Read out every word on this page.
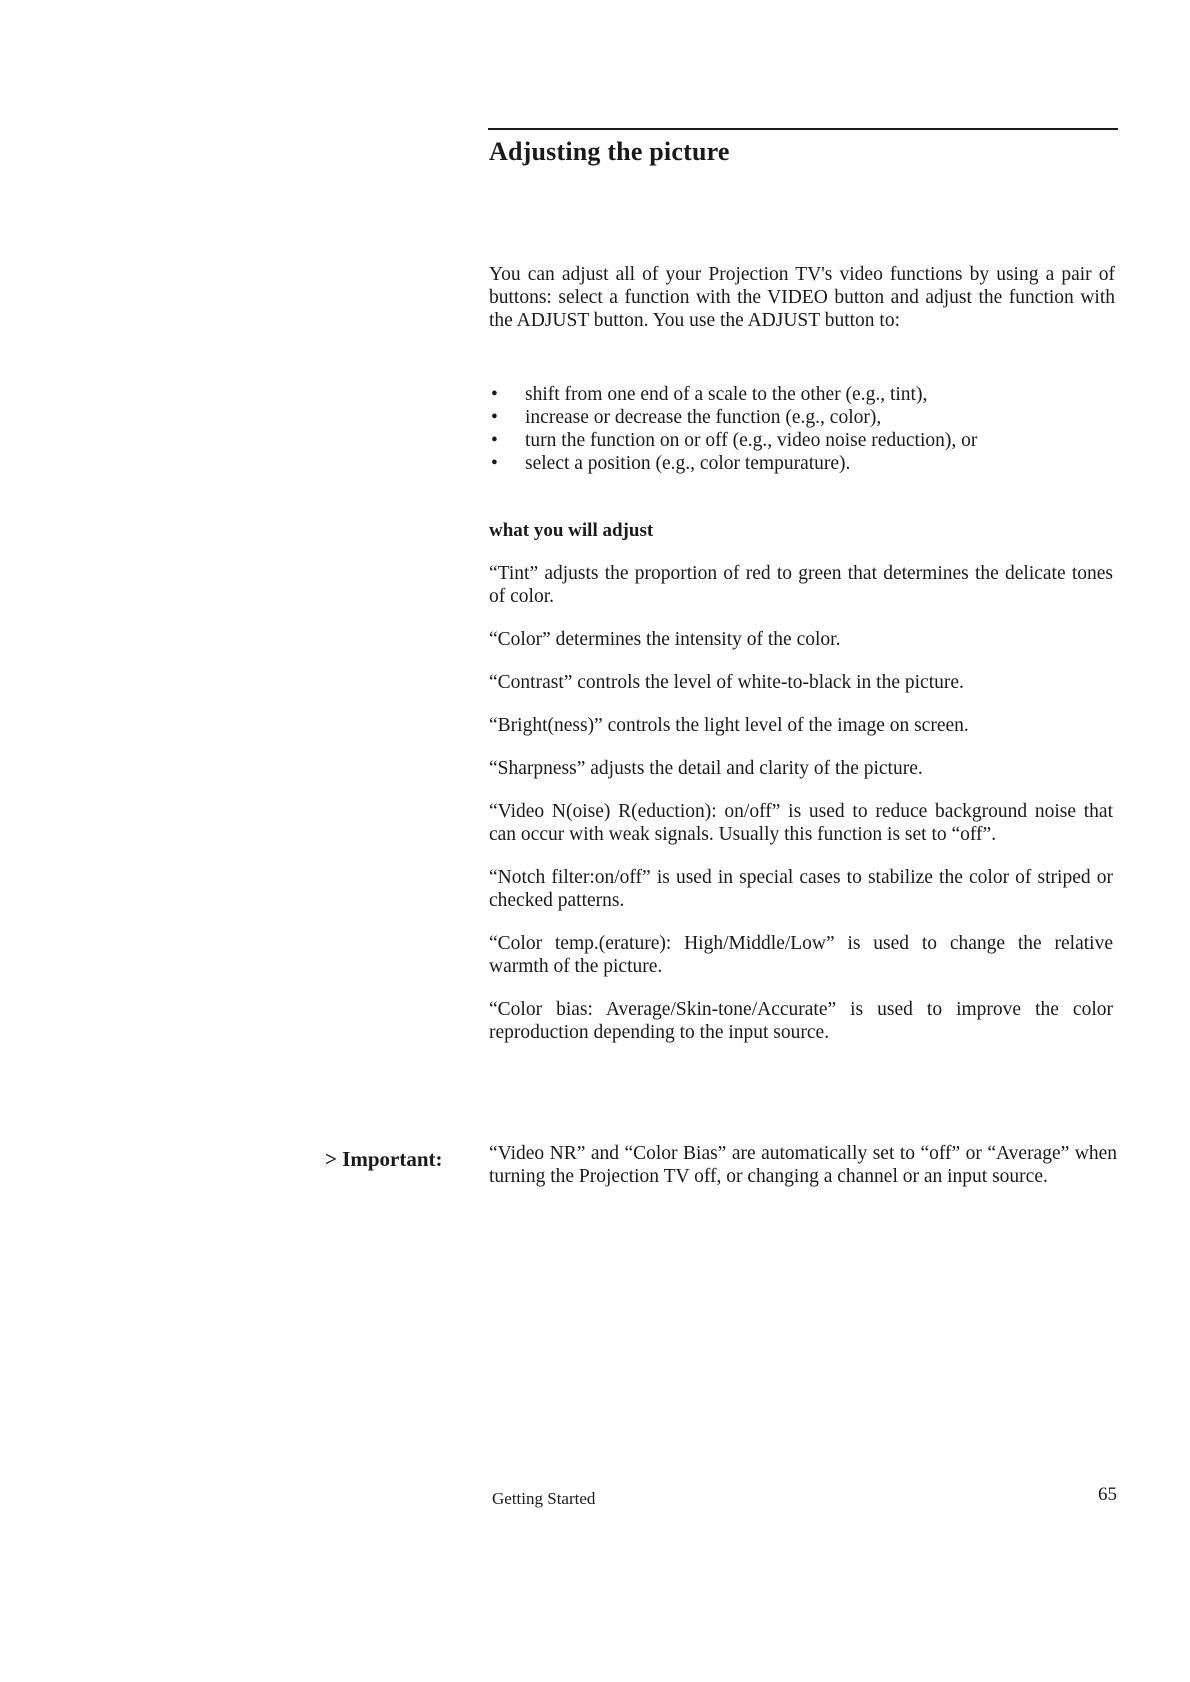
Adjusting the picture

You can adjust all of your Projection TV's video functions by using a pair of buttons: select a function with the VIDEO button and adjust the function with the ADJUST button. You use the ADJUST button to:

• shift from one end of a scale to the other (e.g., tint),
• increase or decrease the function (e.g., color),
• turn the function on or off (e.g., video noise reduction), or
• select a position (e.g., color tempurature).
what you will adjust

“Tint” adjusts the proportion of red to green that determines the delicate tones of color.

“Color” determines the intensity of the color.

“Contrast” controls the level of white-to-black in the picture.

“Bright(ness)” controls the light level of the image on screen.

“Sharpness” adjusts the detail and clarity of the picture.

“Video N(oise) R(eduction): on/off” is used to reduce background noise that can occur with weak signals. Usually this function is set to “off”.

“Notch filter:on/off” is used in special cases to stabilize the color of striped or checked patterns.

“Color temp.(erature): High/Middle/Low” is used to change the relative warmth of the picture.

“Color bias: Average/Skin-tone/Accurate” is used to improve the color reproduction depending to the input source.

> Important: “Video NR” and “Color Bias” are automatically set to “off” or “Average” when turning the Projection TV off, or changing a channel or an input source.

Getting Started	65
